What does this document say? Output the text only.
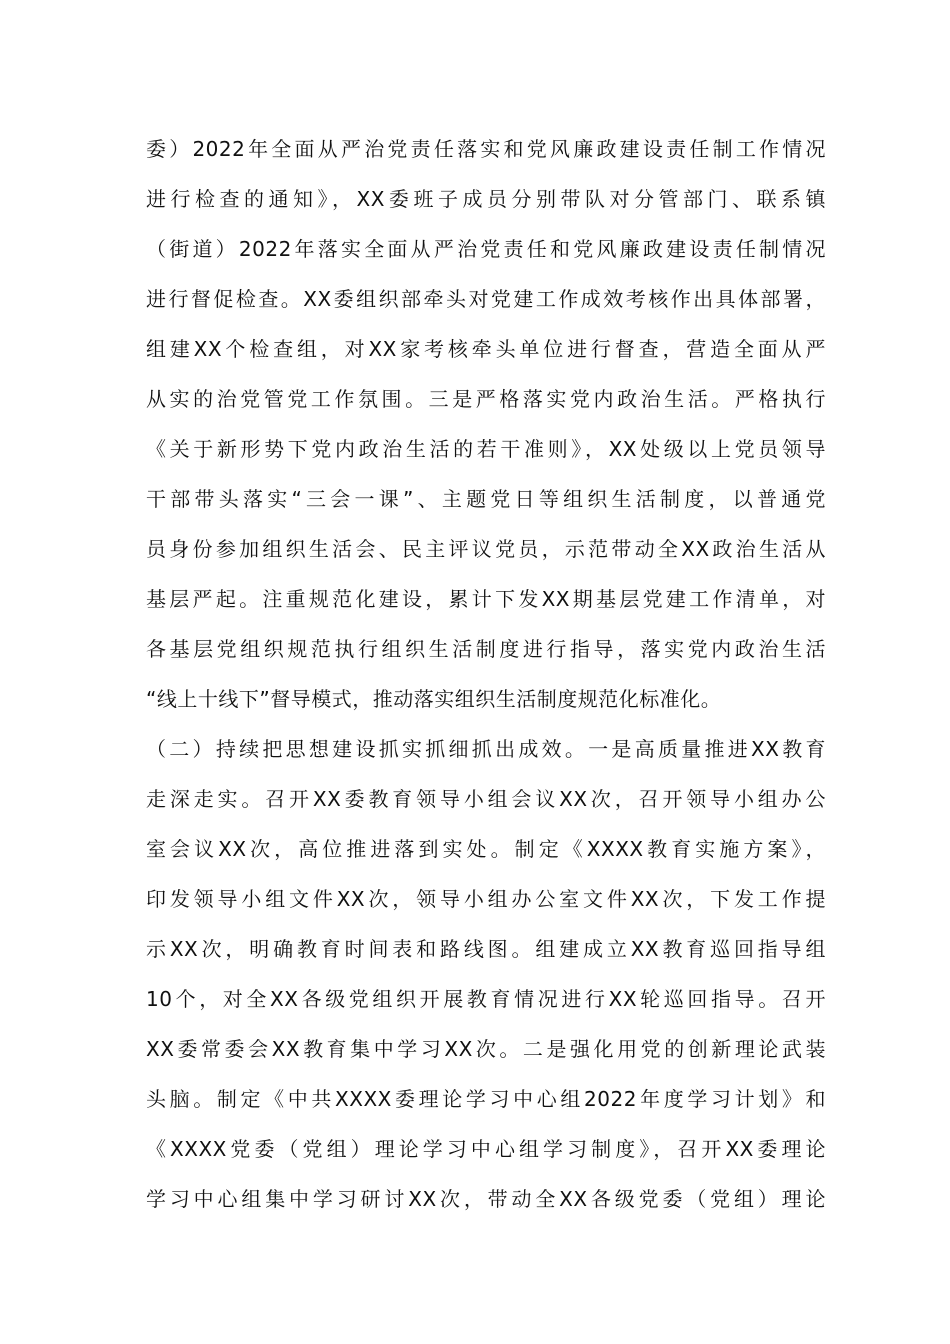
委）2022年全面从严治党责任落实和党风廉政建设责任制工作情况
进行检查的通知》，XX委班子成员分别带队对分管部门、联系镇
（街道）2022年落实全面从严治党责任和党风廉政建设责任制情况
进行督促检查。XX委组织部牵头对党建工作成效考核作出具体部署，
组建XX个检查组，对XX家考核牵头单位进行督查，营造全面从严
从实的治党管党工作氛围。三是严格落实党内政治生活。严格执行
《关于新形势下党内政治生活的若干准则》，XX处级以上党员领导
干部带头落实“三会一课”、主题党日等组织生活制度，以普通党
员身份参加组织生活会、民主评议党员，示范带动全XX政治生活从
基层严起。注重规范化建设，累计下发XX期基层党建工作清单，对
各基层党组织规范执行组织生活制度进行指导，落实党内政治生活
“线上十线下”督导模式，推动落实组织生活制度规范化标准化。
（二）持续把思想建设抓实抓细抓出成效。一是高质量推进XX教育
走深走实。召开XX委教育领导小组会议XX次，召开领导小组办公
室会议XX次，高位推进落到实处。制定《XXXX教育实施方案》，
印发领导小组文件XX次，领导小组办公室文件XX次，下发工作提
示XX次，明确教育时间表和路线图。组建成立XX教育巡回指导组
10个，对全XX各级党组织开展教育情况进行XX轮巡回指导。召开
XX委常委会XX教育集中学习XX次。二是强化用党的创新理论武装
头脑。制定《中共XXXX委理论学习中心组2022年度学习计划》和
《XXXX党委（党组）理论学习中心组学习制度》，召开XX委理论
学习中心组集中学习研讨XX次，带动全XX各级党委（党组）理论
